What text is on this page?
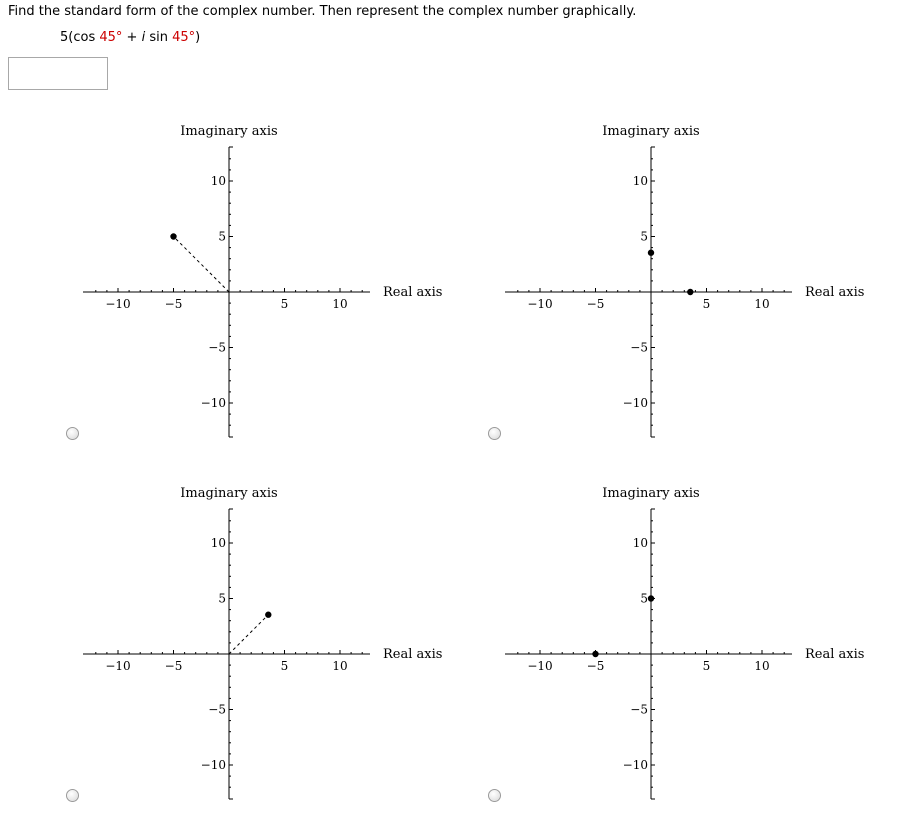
Find the standard form of the complex number. Then represent the complex number graphically.
5(cos 45° + i sin 45°)
−10	−5	5	10
10
5
−5
−10
Imaginary axis
Real axis
−10	−5	5	10
10
5
−5
−10
Imaginary axis
Real axis
−10	−5	5	10
10
5
−5
−10
Imaginary axis
Real axis
−10	−5	5	10
10
5
−5
−10
Imaginary axis
Real axis
